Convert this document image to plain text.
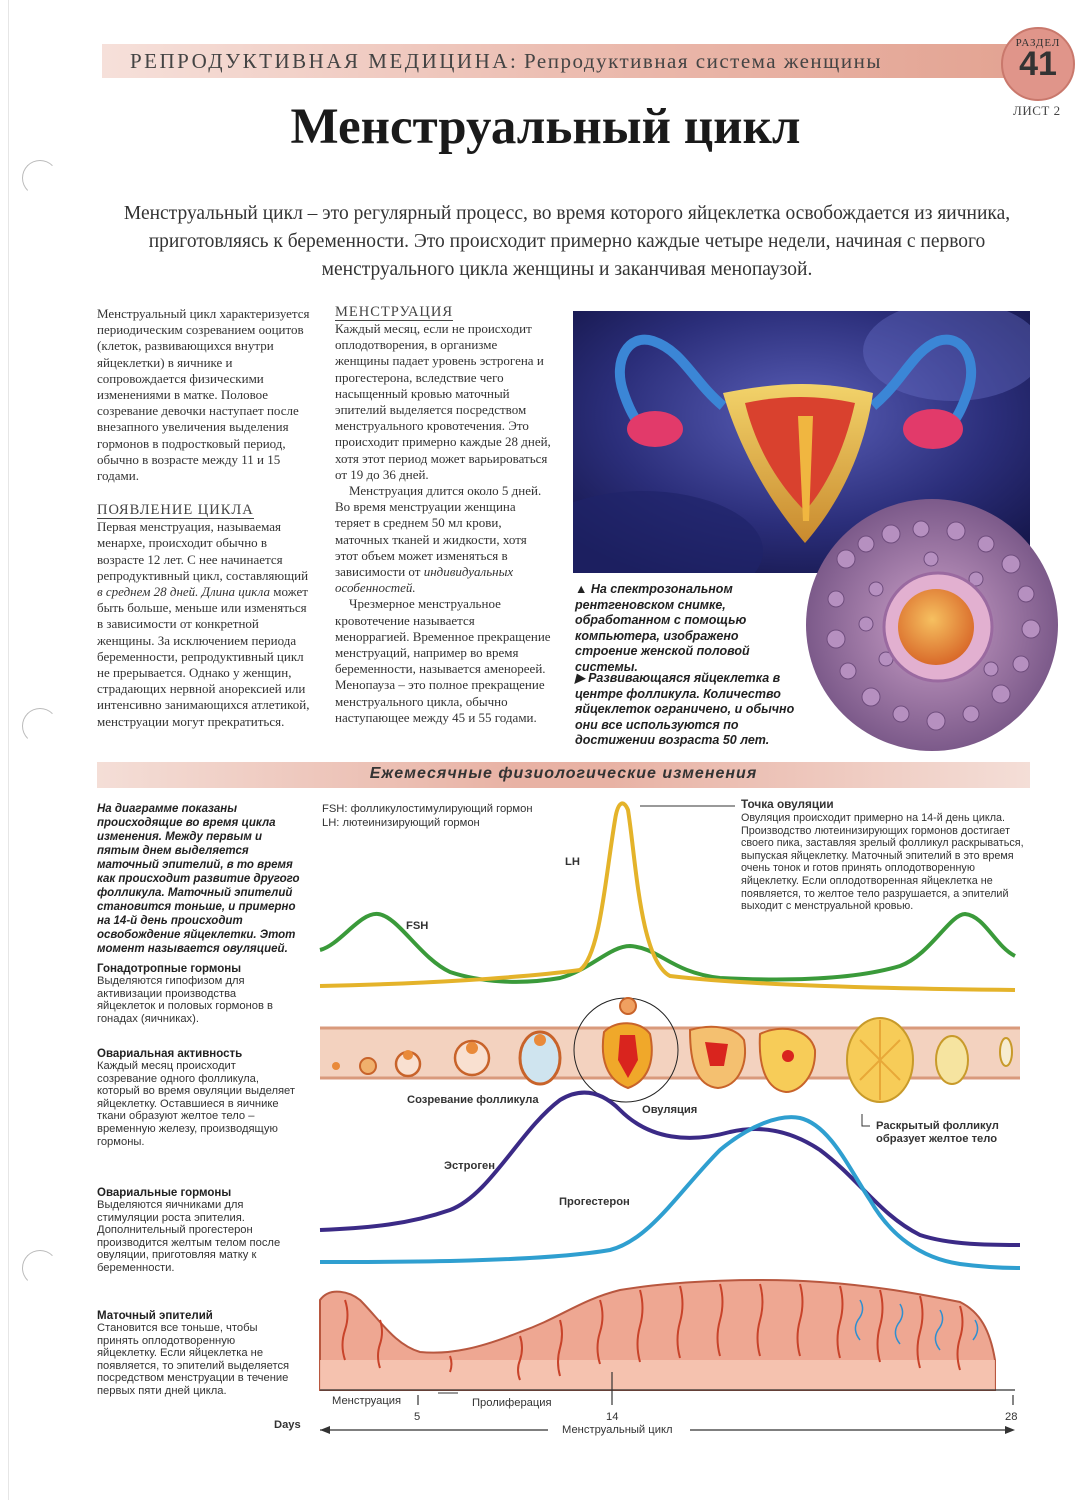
РЕПРОДУКТИВНАЯ МЕДИЦИНА: Репродуктивная система женщины
РАЗДЕЛ
41
ЛИСТ 2
Менструальный цикл
Менструальный цикл – это регулярный процесс, во время которого яйцеклетка освобождается из яичника, приготовляясь к беременности. Это происходит примерно каждые четыре недели, начиная с первого менструального цикла женщины и заканчивая менопаузой.

Менструальный цикл характеризуется периодическим созреванием ооцитов (клеток, развивающихся внутри яйцеклетки) в яичнике и сопровождается физическими изменениями в матке. Половое созревание девочки наступает после внезапного увеличения выделения гормонов в подростковый период, обычно в возрасте между 11 и 15 годами.

ПОЯВЛЕНИЕ ЦИКЛА

Первая менструация, называемая менархе, происходит обычно в возрасте 12 лет. С нее начинается репродуктивный цикл, составляющий в среднем 28 дней. Длина цикла может быть больше, меньше или изменяться в зависимости от конкретной женщины. За исключением периода беременности, репродуктивный цикл не прерывается. Однако у женщин, страдающих нервной анорексией или интенсивно занимающихся атлетикой, менструации могут прекратиться.

МЕНСТРУАЦИЯ

Каждый месяц, если не происходит оплодотворения, в организме женщины падает уровень эстрогена и прогестерона, вследствие чего насыщенный кровью маточный эпителий выделяется посредством менструального кровотечения. Это происходит примерно каждые 28 дней, хотя этот период может варьироваться от 19 до 36 дней.

Менструация длится около 5 дней. Во время менструации женщина теряет в среднем 50 мл крови, маточных тканей и жидкости, хотя этот объем может изменяться в зависимости от индивидуальных особенностей.

Чрезмерное менструальное кровотечение называется меноррагией. Временное прекращение менструаций, например во время беременности, называется аменореей. Менопауза – это полное прекращение менструального цикла, обычно наступающее между 45 и 55 годами.

▲ На спектрозональном рентгеновском снимке, обработанном с помощью компьютера, изображено строение женской половой системы.
▶ Развивающаяся яйцеклетка в центре фолликула. Количество яйцеклеток ограничено, и обычно они все используются по достижении возраста 50 лет.
Ежемесячные физиологические изменения
На диаграмме показаны происходящие во время цикла изменения. Между первым и пятым днем выделяется маточный эпителий, в то время как происходит развитие другого фолликула. Маточный эпителий становится тоньше, и примерно на 14-й день происходит освобождение яйцеклетки. Этот момент называется овуляцией.
Гонадотропные гормоны
Выделяются гипофизом для активизации производства яйцеклеток и половых гормонов в гонадах (яичниках).
Овариальная активность
Каждый месяц происходит созревание одного фолликула, который во время овуляции выделяет яйцеклетку. Оставшиеся в яичнике ткани образуют желтое тело – временную железу, производящую гормоны.
Овариальные гормоны
Выделяются яичниками для стимуляции роста эпителия. Дополнительный прогестерон производится желтым телом после овуляции, приготовляя матку к беременности.
Маточный эпителий
Становится все тоньше, чтобы принять оплодотворенную яйцеклетку. Если яйцеклетка не появляется, то эпителий выделяется посредством менструации в течение первых пяти дней цикла.
FSH: фолликулостимулирующий гормон
LH: лютеинизирующий гормон
LH
FSH
Точка овуляции
Овуляция происходит примерно на 14-й день цикла. Производство лютеинизирующих гормонов достигает своего пика, заставляя зрелый фолликул раскрываться, выпуская яйцеклетку. Маточный эпителий в это время очень тонок и готов принять оплодотворенную яйцеклетку. Если оплодотворенная яйцеклетка не появляется, то желтое тело разрушается, а эпителий выходит с менструальной кровью.
Созревание фолликула
Овуляция
Раскрытый фолликул образует желтое тело
Эстроген
Прогестерон
Менструация	Пролиферация
5	14	28
Days	Менструальный цикл
